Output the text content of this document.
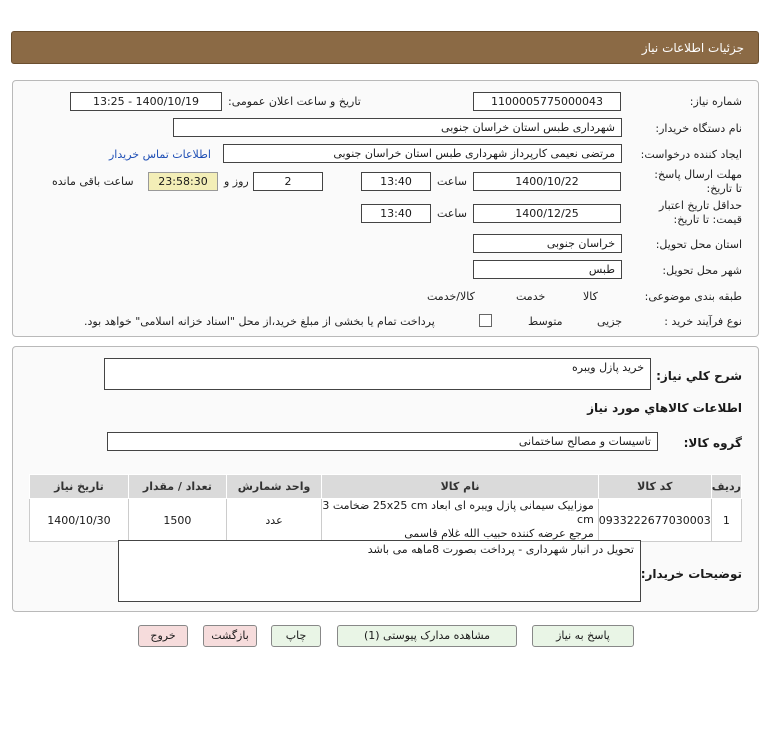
جزئیات اطلاعات نیاز
شماره نیاز:
1100005775000043
تاریخ و ساعت اعلان عمومی:
1400/10/19 - 13:25
نام دستگاه خریدار:
شهرداری طبس استان خراسان جنوبی
ایجاد کننده درخواست:
مرتضی نعیمی کارپرداز شهرداری طبس استان خراسان جنوبی
اطلاعات تماس خریدار
مهلت ارسال پاسخ: تا تاریخ:
1400/10/22
ساعت
13:40
2
روز و
23:58:30
ساعت باقی مانده
حداقل تاریخ اعتبار قیمت: تا تاریخ:
1400/12/25
ساعت
13:40
استان محل تحویل:
خراسان جنوبی
شهر محل تحویل:
طبس
طبقه بندی موضوعی:

کالا

خدمت

کالا/خدمت
نوع فرآیند خرید :

جزیی
متوسط
پرداخت تمام یا بخشی از مبلغ خرید،از محل "اسناد خزانه اسلامی" خواهد بود.
شرح کلي نياز:
خرید پازل ویبره
اطلاعات کالاهاي مورد نياز
گروه کالا:
تاسیسات و مصالح ساختمانی
ردیف	کد کالا	نام کالا	واحد شمارش	تعداد / مقدار	تاریخ نیاز
1	0933222677030003	موزاییک سیمانی پازل ویبره ای ابعاد 25x25 cm ضخامت 3 cm
مرجع عرضه کننده حبیب الله غلام قاسمی	عدد	1500	1400/10/30
توضیحات خریدار:
تحویل در انبار شهرداری - پرداخت بصورت 8ماهه می باشد
پاسخ به نیاز
مشاهده مدارک پیوستی (1)
چاپ
بازگشت
خروج
